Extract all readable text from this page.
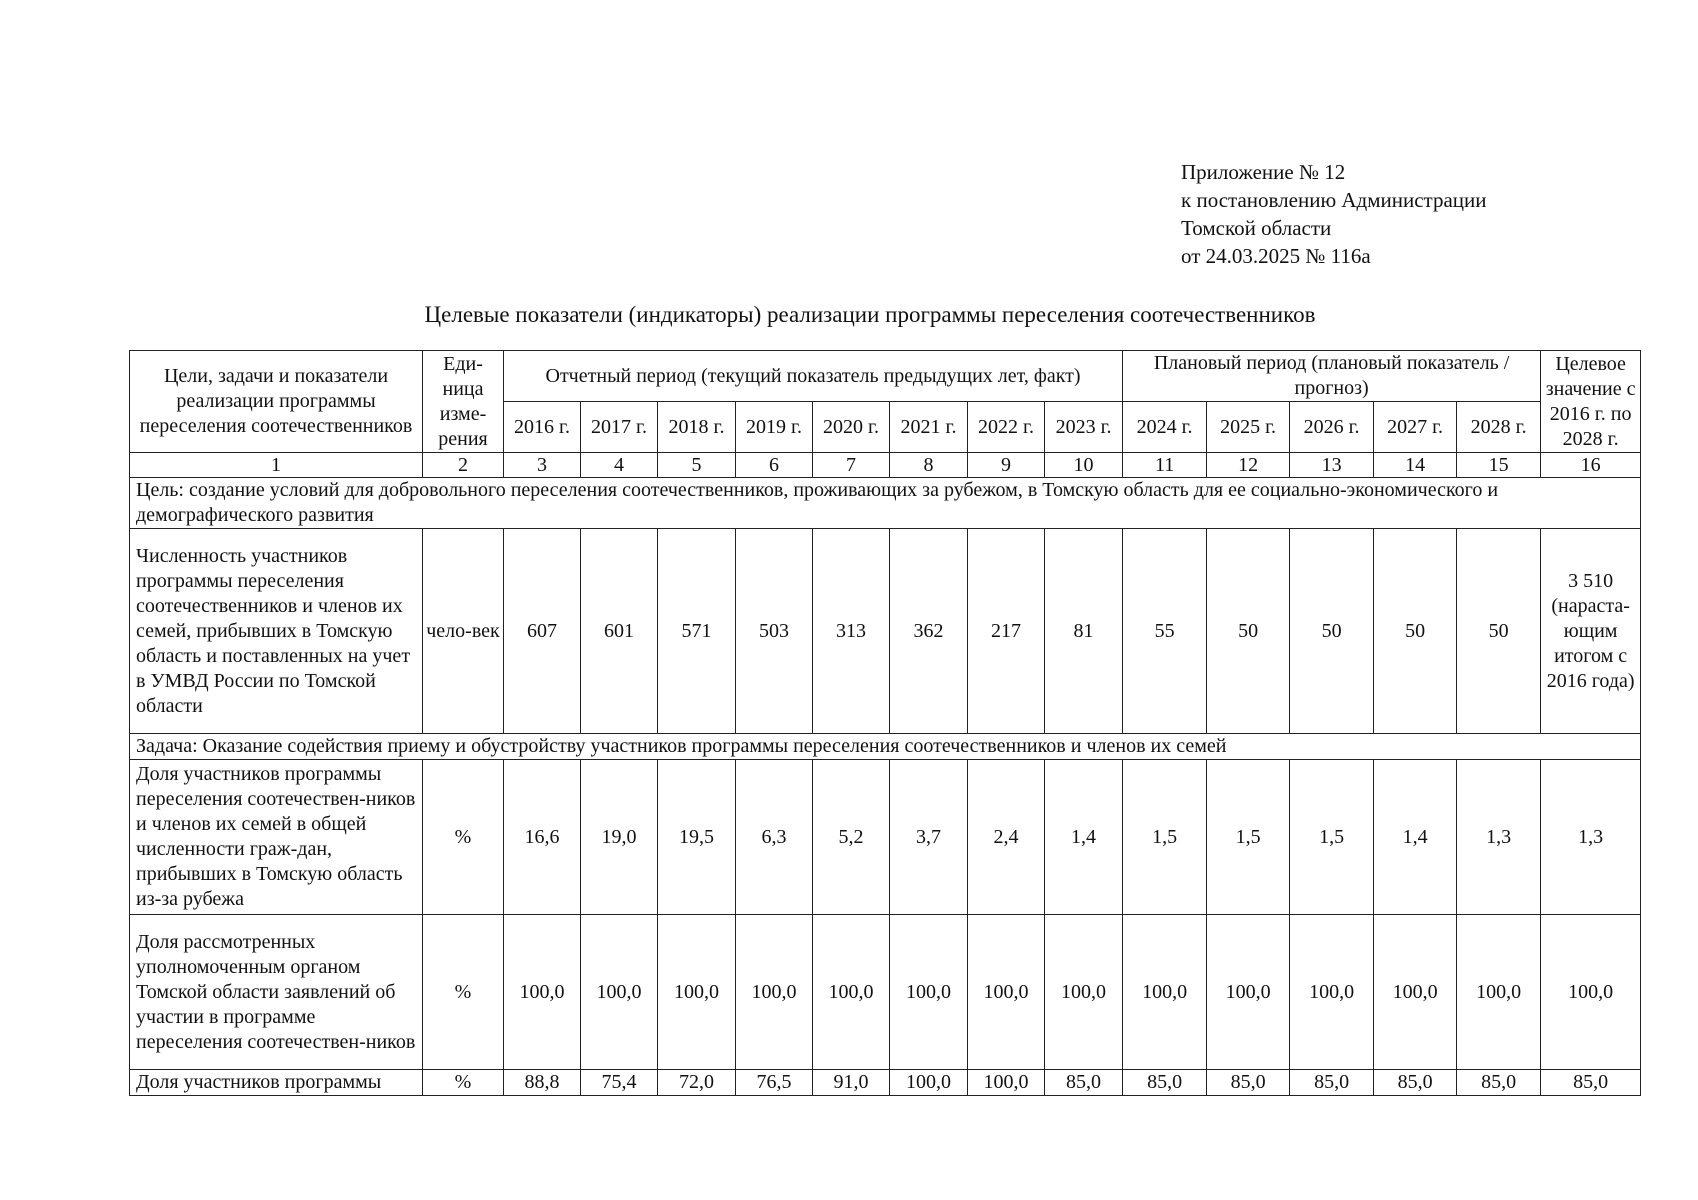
Приложение № 12
к постановлению Администрации
Томской области
от 24.03.2025 № 116а
Целевые показатели (индикаторы) реализации программы переселения соотечественников
Цели, задачи и показатели реализации программы переселения соотечественников	Еди-ница изме-рения	Отчетный период (текущий показатель предыдущих лет, факт)								Плановый период (плановый показатель / прогноз)					Целевое значение с 2016 г. по 2028 г.
		2016 г.	2017 г.	2018 г.	2019 г.	2020 г.	2021 г.	2022 г.	2023 г.	2024 г.	2025 г.	2026 г.	2027 г.	2028 г.	
1	2	3	4	5	6	7	8	9	10	11	12	13	14	15	16
Цель: создание условий для добровольного переселения соотечественников, проживающих за рубежом, в Томскую область для ее социально-экономического и демографического развития															
Численность участников программы переселения соотечественников и членов их семей, прибывших в Томскую область и поставленных на учет в УМВД России по Томской области	чело-век	607	601	571	503	313	362	217	81	55	50	50	50	50	3 510 (нараста-ющим итогом с 2016 года)
Задача: Оказание содействия приему и обустройству участников программы переселения соотечественников и членов их семей															
Доля участников программы переселения соотечествен-ников и членов их семей в общей численности граж-дан, прибывших в Томскую область из-за рубежа	%	16,6	19,0	19,5	6,3	5,2	3,7	2,4	1,4	1,5	1,5	1,5	1,4	1,3	1,3
Доля рассмотренных уполномоченным органом Томской области заявлений об участии в программе переселения соотечествен-ников	%	100,0	100,0	100,0	100,0	100,0	100,0	100,0	100,0	100,0	100,0	100,0	100,0	100,0	100,0
Доля участников программы	%	88,8	75,4	72,0	76,5	91,0	100,0	100,0	85,0	85,0	85,0	85,0	85,0	85,0	85,0
